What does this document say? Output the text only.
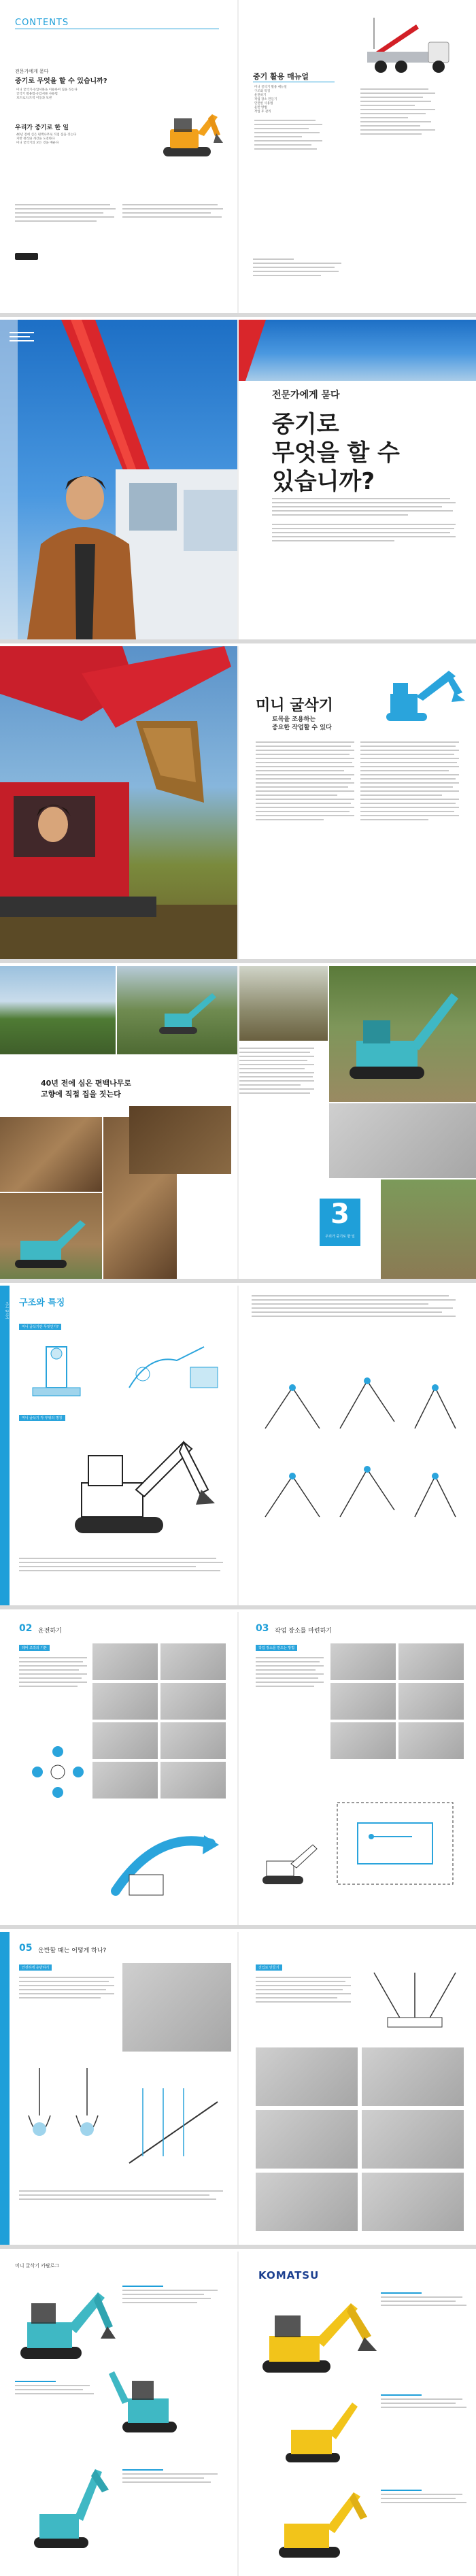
CONTENTS
전문가에게 묻다
중기로 무엇을 할 수 있습니까?
미니 굴삭기·유압셔블을 이용하여 집을 짓는다
굴삭기 활용법·유압셔블 사용법
보트로드/트럭 이동과 보관
우리가 중기로 한 일
40년 전에 심은 편백나무로 직접 집을 짓는다
지반 정리와 개간을 도전한다
미니 굴삭기의 모든 것을 배운다
중기 활용 매뉴얼
미니 굴삭기 활용 매뉴얼
구조와 특징
운전하기
작업 장소 만들기
안전한 사용법
운반 방법
작업 후 관리
전문가에게 묻다
중기로
무엇을 할 수
있습니까?
미니 굴삭기
토목을 조용하는
중요한 작업할 수 있다
40년 전에 심은 편백나무로
고향에 직접 집을 짓는다
3
우리가 중기로 한 일
미니 굴삭기 구조와 특징
미니 굴삭기란 무엇인가?
미니 굴삭기 각 부위의 명칭
02 운전하기
레버 조작의 기본
03 작업 장소를 마련하기
작업 장소를 만드는 방법
05 운반할 때는 어떻게 하나?
안전하게 운반하기	진입로 만들기
미니 굴삭기 카탈로그
KOMATSU
